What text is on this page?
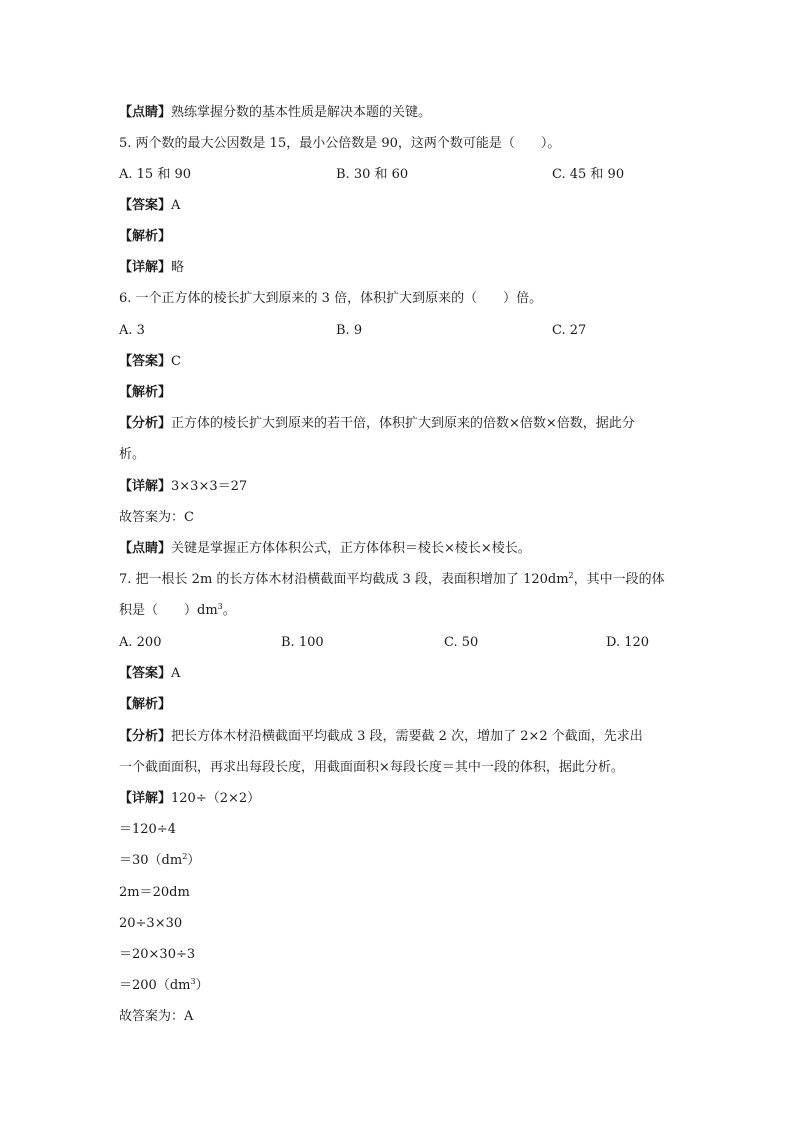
【点睛】熟练掌握分数的基本性质是解决本题的关键。
5. 两个数的最大公因数是 15，最小公倍数是 90，这两个数可能是（　　）。
A. 15 和 90	B. 30 和 60	C. 45 和 90
【答案】A
【解析】
【详解】略
6. 一个正方体的棱长扩大到原来的 3 倍，体积扩大到原来的（　　）倍。
A. 3	B. 9	C. 27
【答案】C
【解析】
【分析】正方体的棱长扩大到原来的若干倍，体积扩大到原来的倍数×倍数×倍数，据此分
析。
【详解】3×3×3＝27
故答案为：C
【点睛】关键是掌握正方体体积公式，正方体体积＝棱长×棱长×棱长。
7. 把一根长 2m 的长方体木材沿横截面平均截成 3 段，表面积增加了 $120dm^2$，其中一段的体
积是（　　）$dm^3$。
A. 200	B. 100	C. 50	D. 120
【答案】A
【解析】
【分析】把长方体木材沿横截面平均截成 3 段，需要截 2 次，增加了 2×2 个截面，先求出
一个截面面积，再求出每段长度，用截面面积×每段长度＝其中一段的体积，据此分析。
【详解】120÷（2×2）
＝120÷4
$=30(dm^2)$
2m＝20dm
20÷3×30
＝20×30÷3
$=200(dm^3)$
故答案为：A
